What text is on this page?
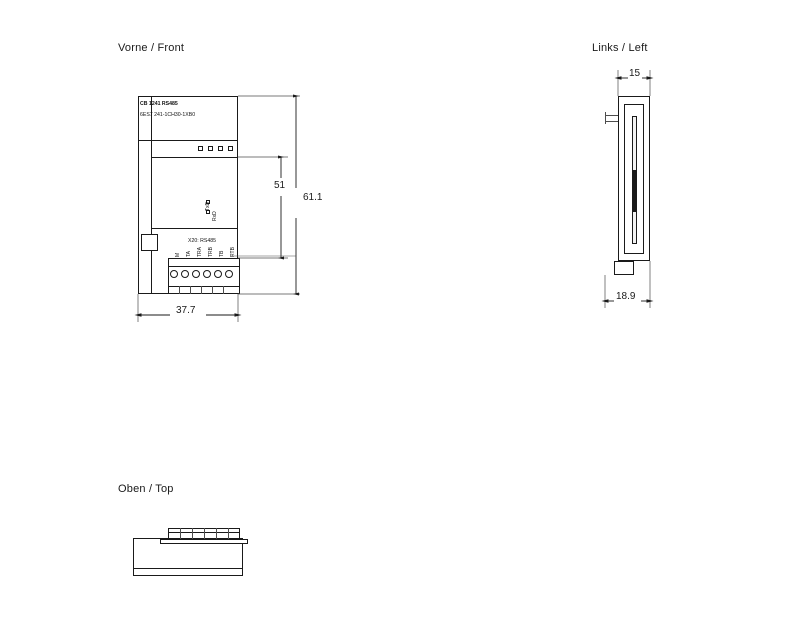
Vorne / Front	Links / Left
Oben / Top
CB 1241 RS485
6ES7 241-1CH30-1XB0
TxD
RxD
X20: RS485
M TA TRA TRB TB RTB
51
61.1
37.7
15
18.9
